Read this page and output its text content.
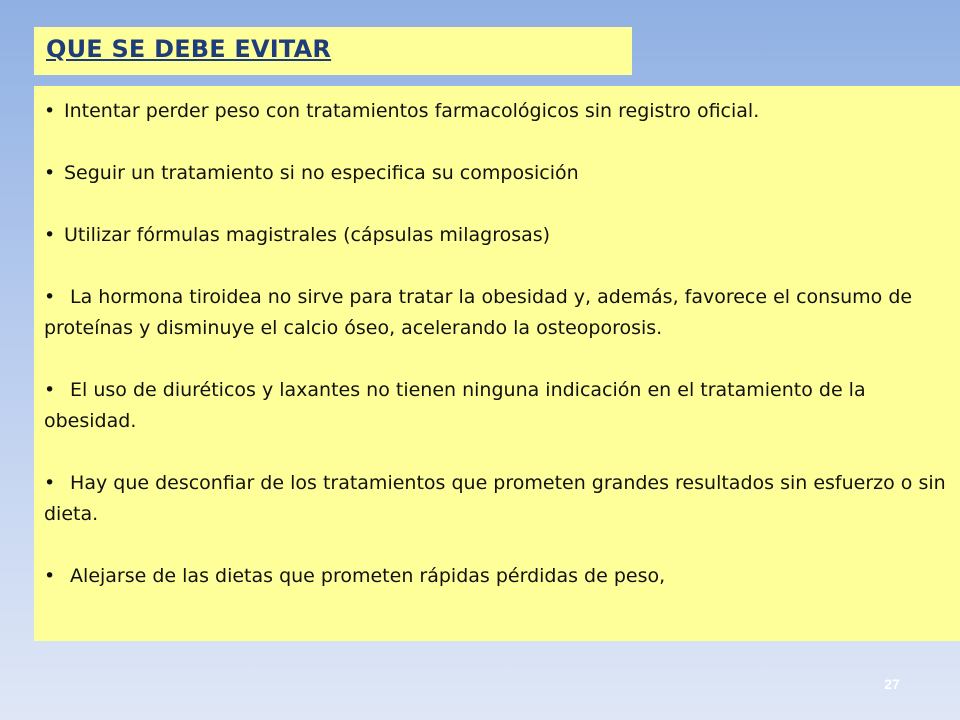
QUE SE DEBE EVITAR
• Intentar perder peso con tratamientos farmacológicos sin registro oficial.
• Seguir un tratamiento si no especifica su composición
• Utilizar fórmulas magistrales (cápsulas milagrosas)
• La hormona tiroidea no sirve para tratar la obesidad y, además, favorece el consumo de proteínas y disminuye el calcio óseo, acelerando la osteoporosis.
• El uso de diuréticos y laxantes no tienen ninguna indicación en el tratamiento de la obesidad.
• Hay que desconfiar de los tratamientos que prometen grandes resultados sin esfuerzo o sin dieta.
• Alejarse de las dietas que prometen rápidas pérdidas de peso,
27
